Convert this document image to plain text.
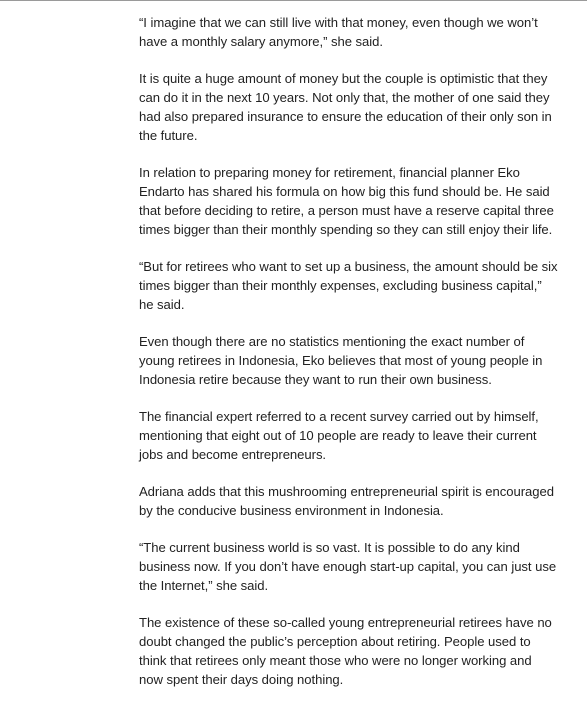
“I imagine that we can still live with that money, even though we won’t have a monthly salary anymore,” she said.

It is quite a huge amount of money but the couple is optimistic that they can do it in the next 10 years. Not only that, the mother of one said they had also prepared insurance to ensure the education of their only son in the future.

In relation to preparing money for retirement, financial planner Eko Endarto has shared his formula on how big this fund should be. He said that before deciding to retire, a person must have a reserve capital three times bigger than their monthly spending so they can still enjoy their life.

“But for retirees who want to set up a business, the amount should be six times bigger than their monthly expenses, excluding business capital,” he said.

Even though there are no statistics mentioning the exact number of young retirees in Indonesia, Eko believes that most of young people in Indonesia retire because they want to run their own business.

The financial expert referred to a recent survey carried out by himself, mentioning that eight out of 10 people are ready to leave their current jobs and become entrepreneurs.

Adriana adds that this mushrooming entrepreneurial spirit is encouraged by the conducive business environment in Indonesia.

“The current business world is so vast. It is possible to do any kind business now. If you don’t have enough start-up capital, you can just use the Internet,” she said.

The existence of these so-called young entrepreneurial retirees have no doubt changed the public’s perception about retiring. People used to think that retirees only meant those who were no longer working and now spent their days doing nothing.
